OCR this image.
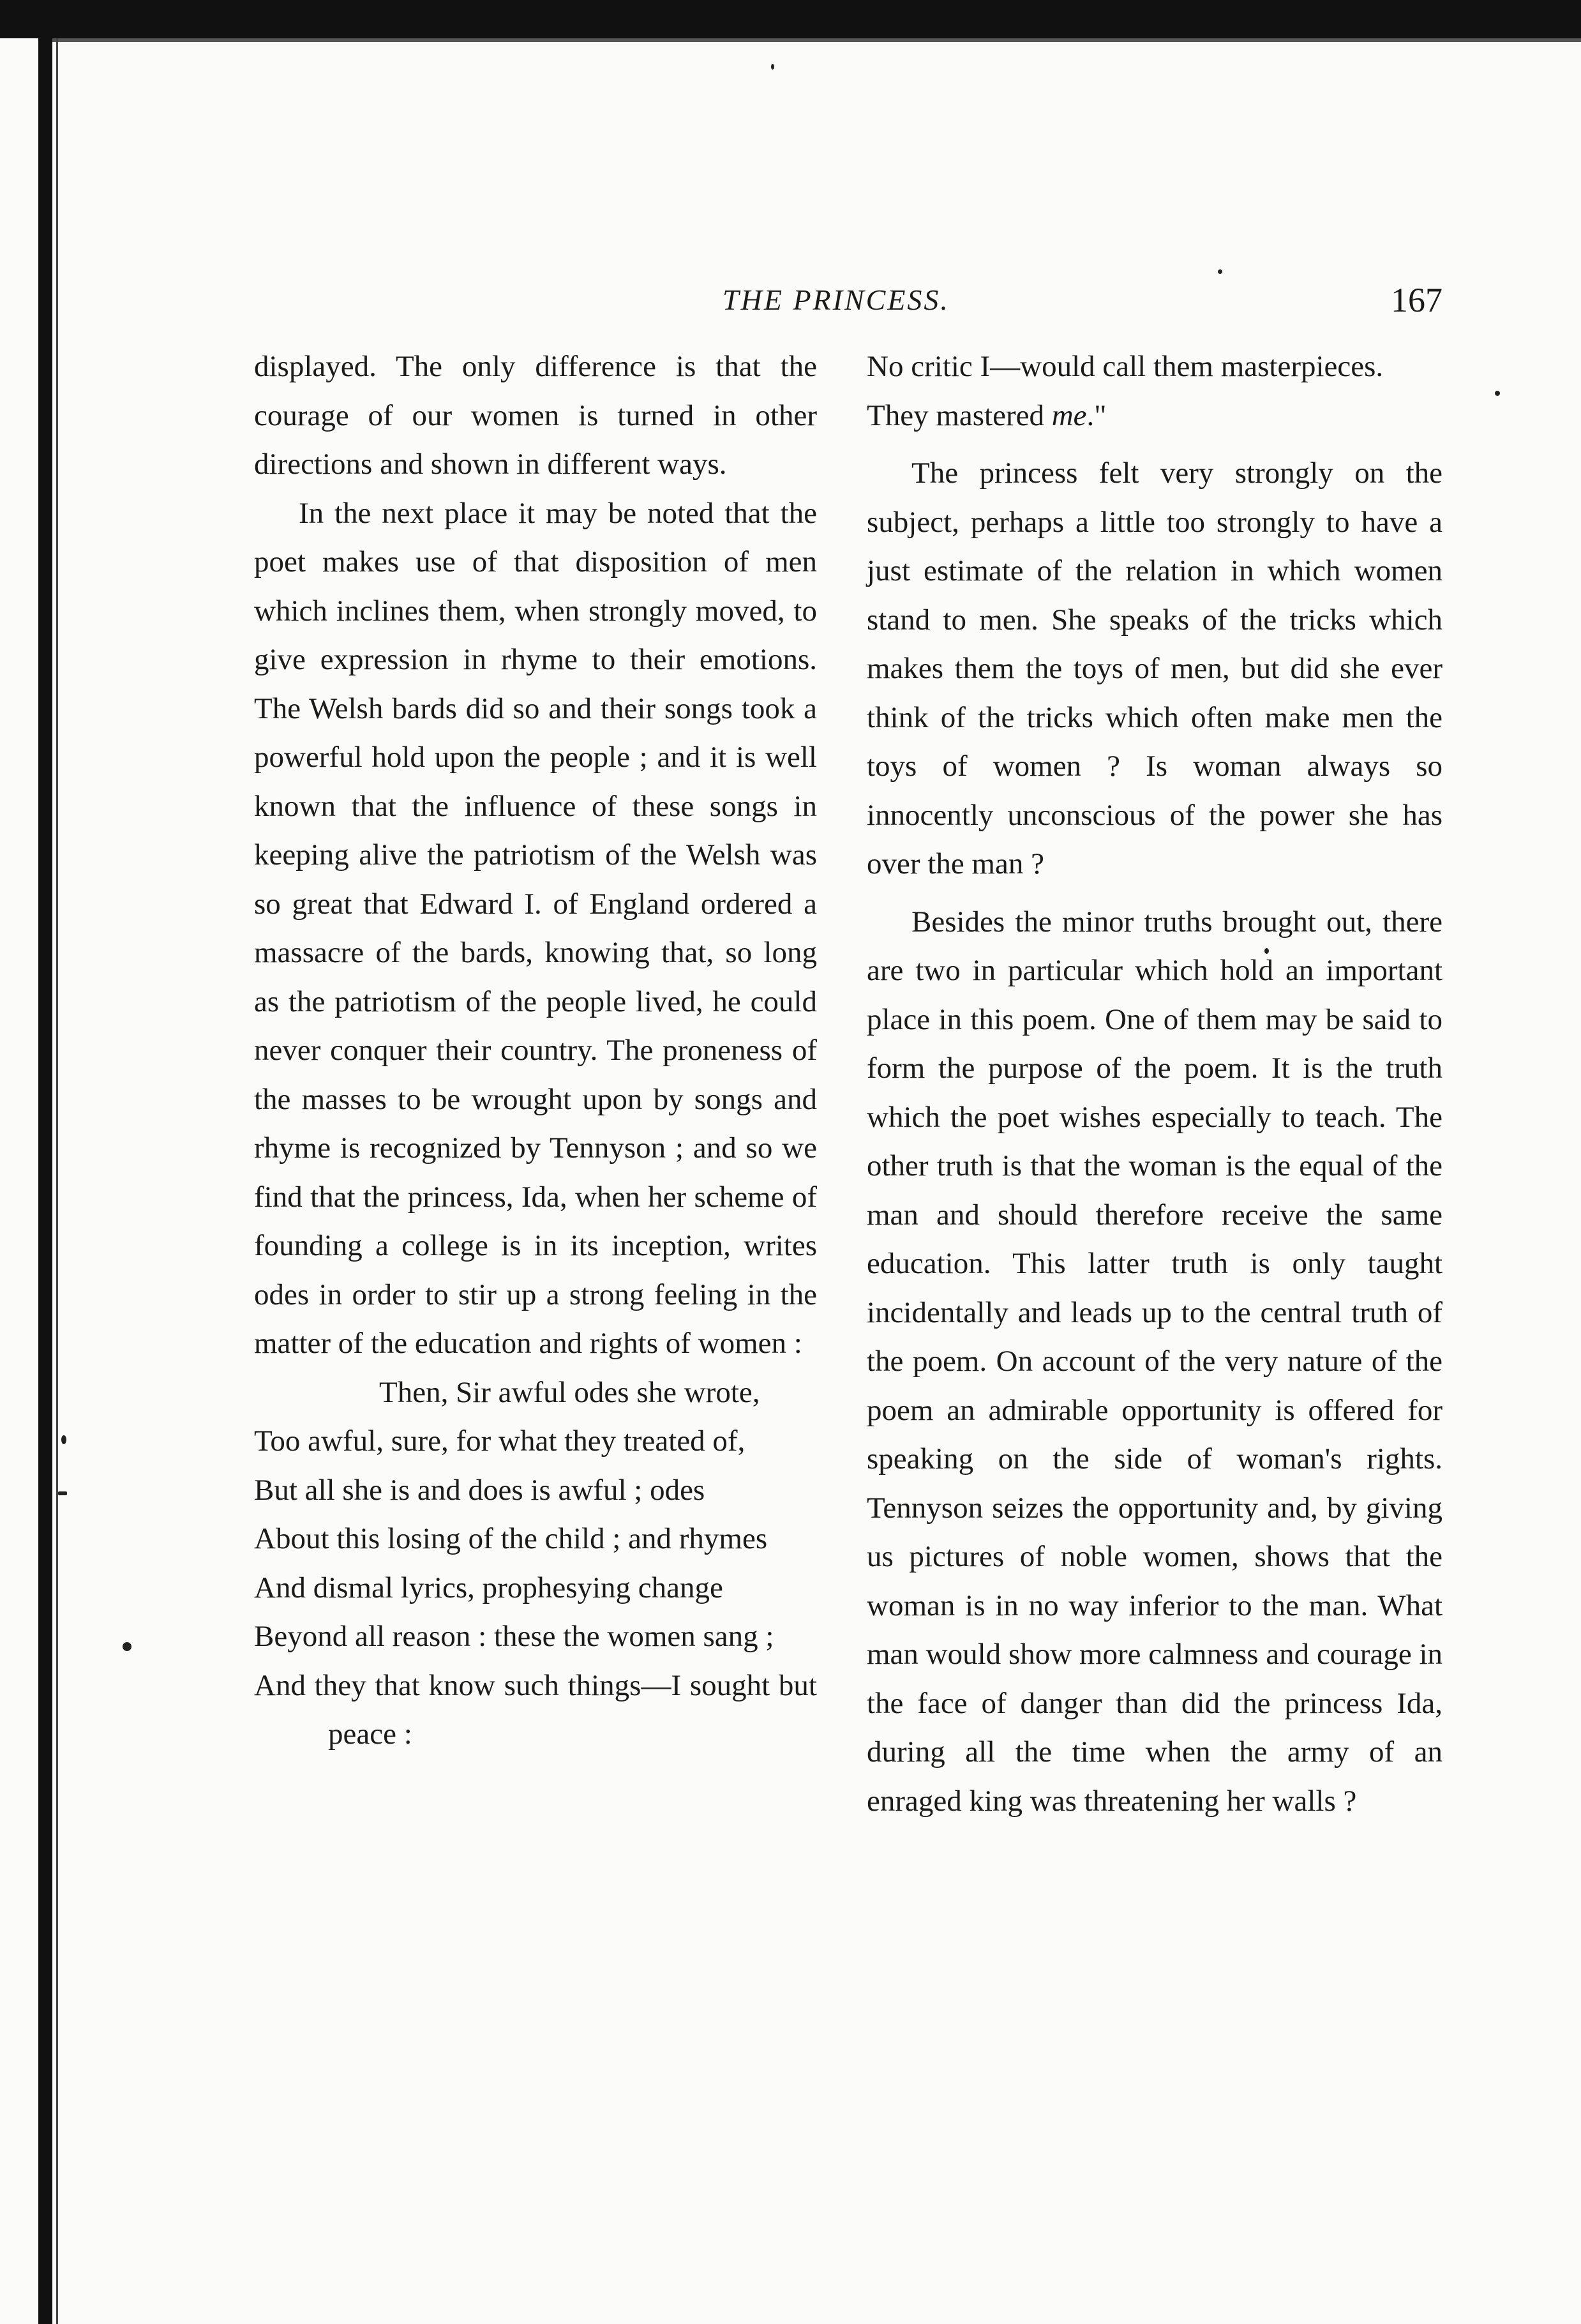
THE PRINCESS.	167

displayed. The only difference is that the courage of our women is turned in other directions and shown in different ways.

In the next place it may be noted that the poet makes use of that disposition of men which inclines them, when strongly moved, to give expression in rhyme to their emotions. The Welsh bards did so and their songs took a powerful hold upon the people ; and it is well known that the influence of these songs in keeping alive the patriotism of the Welsh was so great that Edward I. of England ordered a massacre of the bards, knowing that, so long as the patriotism of the people lived, he could never conquer their country. The proneness of the masses to be wrought upon by songs and rhyme is recognized by Tennyson ; and so we find that the princess, Ida, when her scheme of founding a college is in its inception, writes odes in order to stir up a strong feeling in the matter of the education and rights of women :

Then, Sir awful odes she wrote,
Too awful, sure, for what they treated of,
But all she is and does is awful ; odes
About this losing of the child ; and rhymes
And dismal lyrics, prophesying change
Beyond all reason : these the women sang ;
And they that know such things—I sought but peace :
No critic I—would call them masterpieces.
They mastered me."

The princess felt very strongly on the subject, perhaps a little too strongly to have a just estimate of the relation in which women stand to men. She speaks of the tricks which makes them the toys of men, but did she ever think of the tricks which often make men the toys of women ? Is woman always so innocently unconscious of the power she has over the man ?

Besides the minor truths brought out, there are two in particular which hold an important place in this poem. One of them may be said to form the purpose of the poem. It is the truth which the poet wishes especially to teach. The other truth is that the woman is the equal of the man and should therefore receive the same education. This latter truth is only taught incidentally and leads up to the central truth of the poem. On account of the very nature of the poem an admirable opportunity is offered for speaking on the side of woman's rights. Tennyson seizes the opportunity and, by giving us pictures of noble women, shows that the woman is in no way inferior to the man. What man would show more calmness and courage in the face of danger than did the princess Ida, during all the time when the army of an enraged king was threatening her walls ?
